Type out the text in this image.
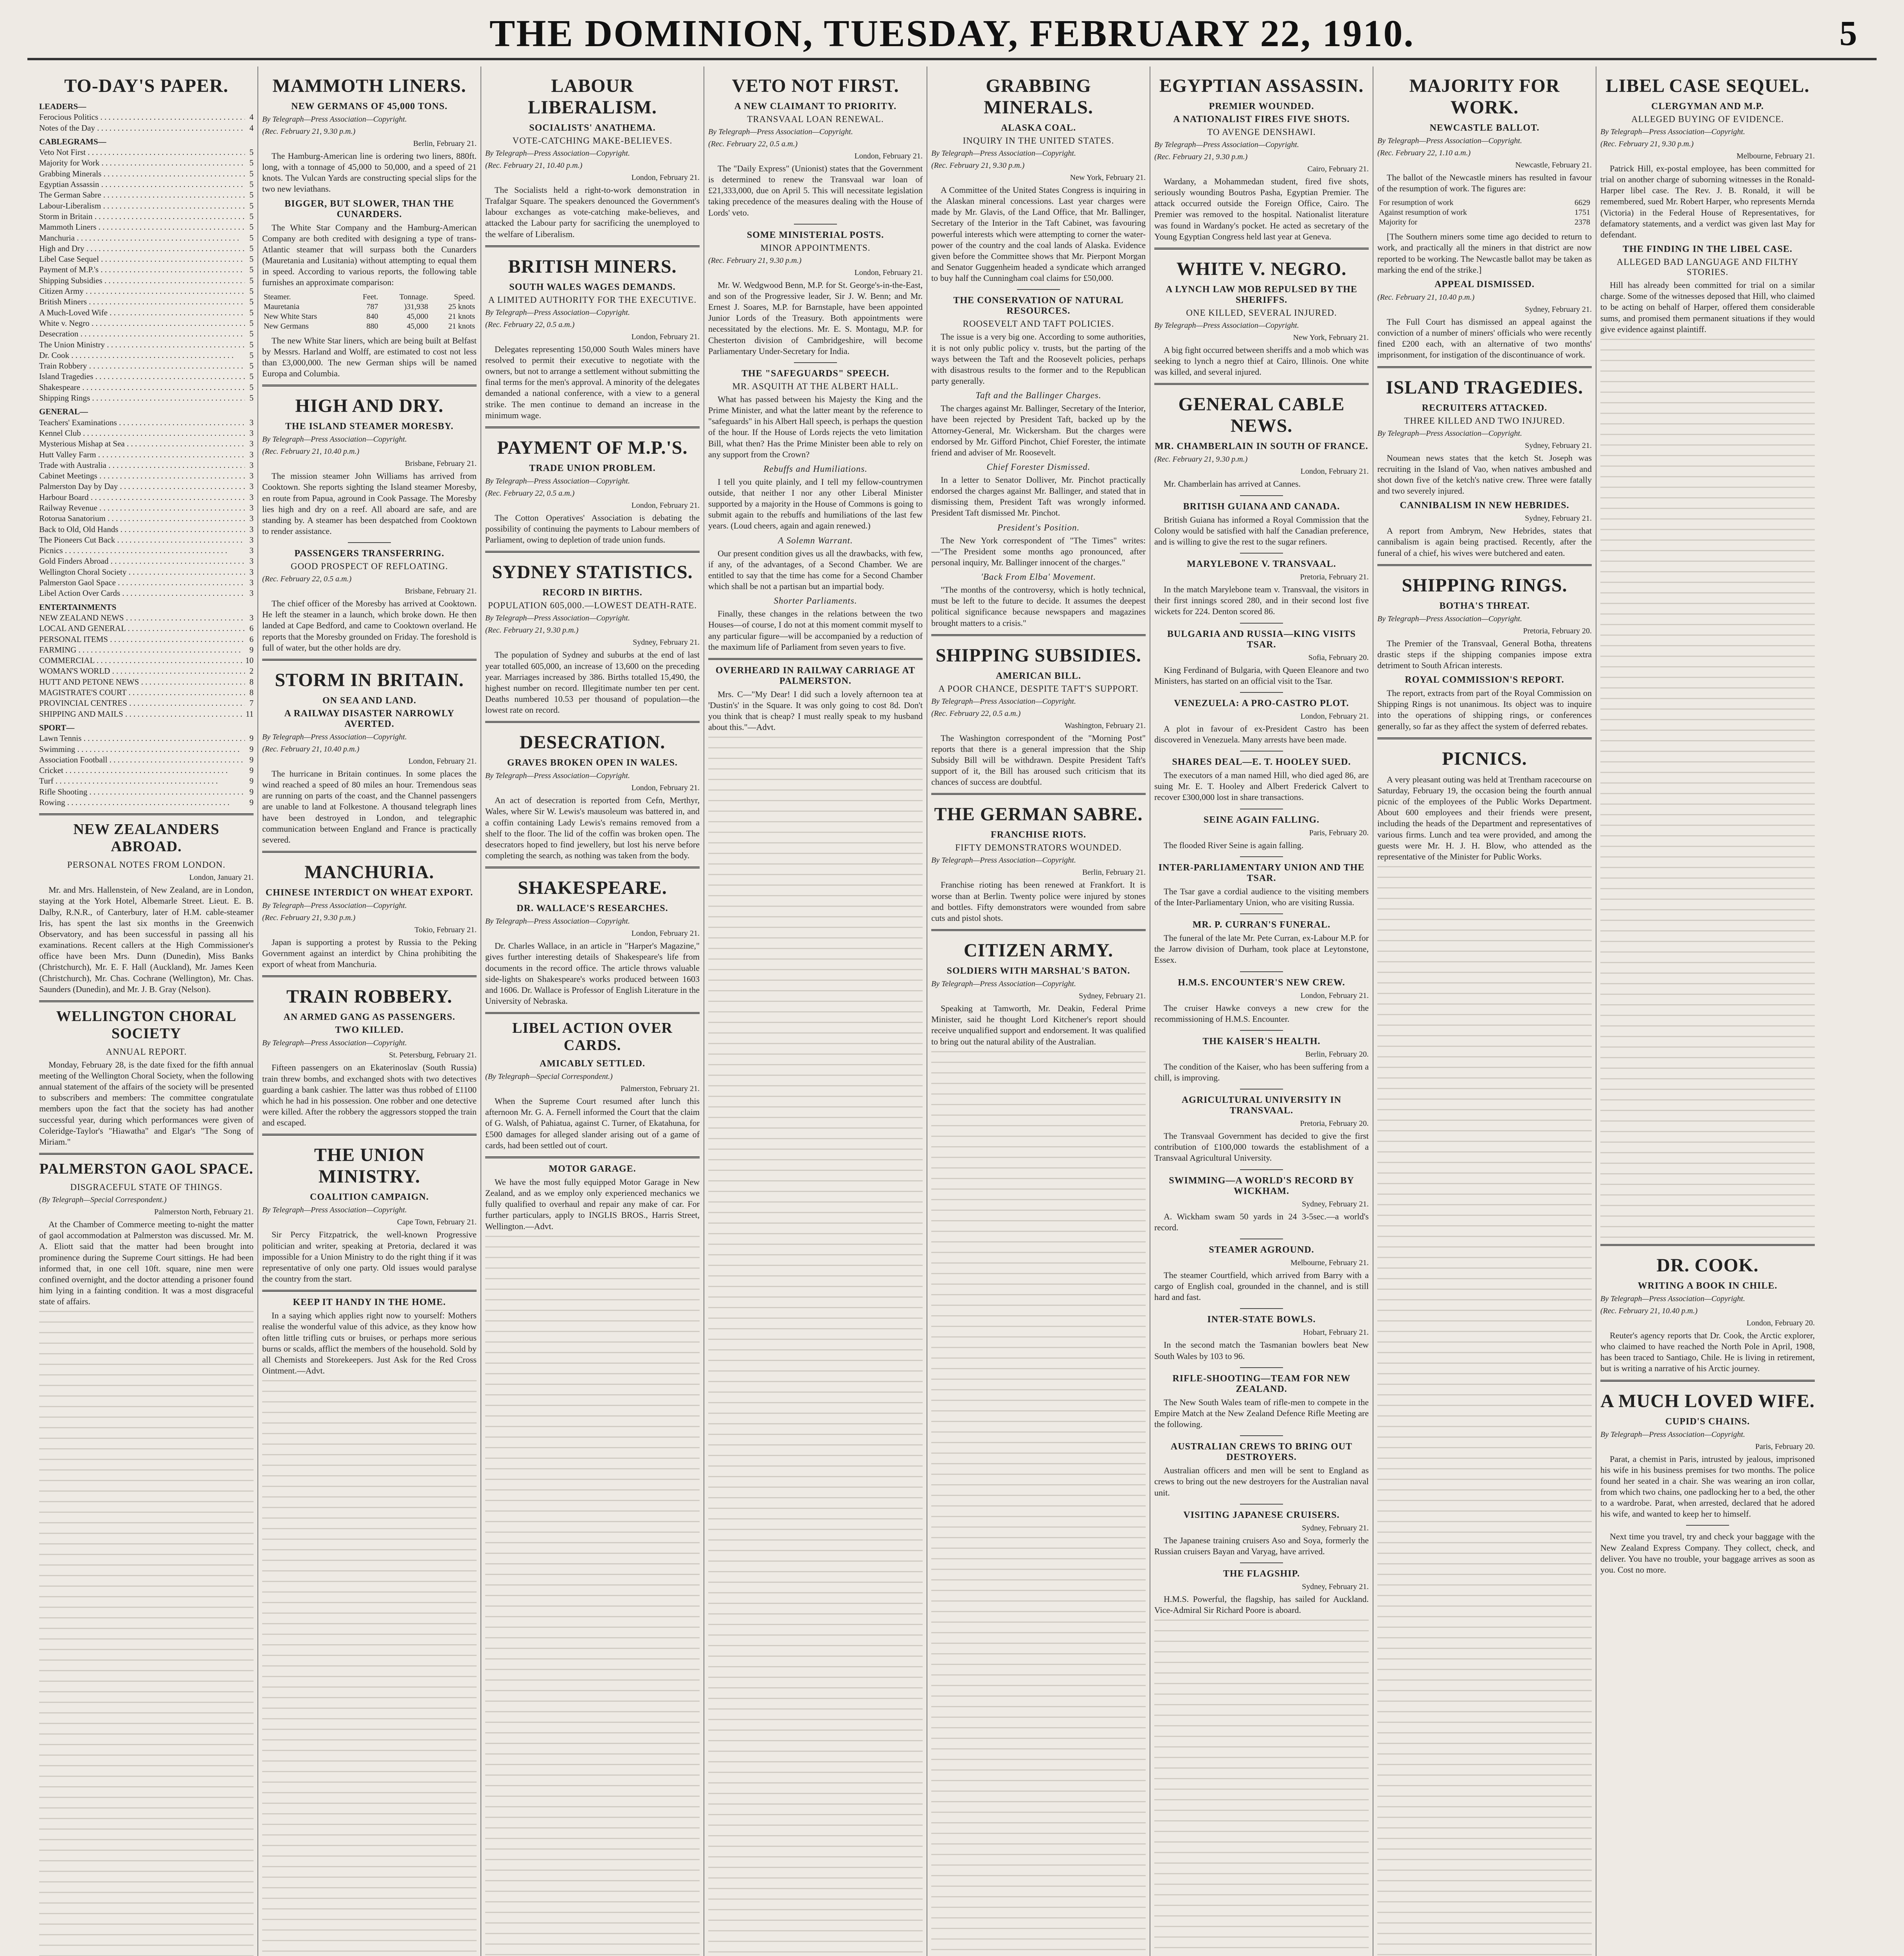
THE DOMINION, TUESDAY, FEBRUARY 22, 1910.	5
TO-DAY'S PAPER.
LEADERS—
Ferocious Politics . . .	4
Notes of the Day . . .	4
CABLEGRAMS—
Veto Not First . . .	5
Majority for Work . . .	5
Grabbing Minerals . . .	5
Egyptian Assassin . . .	5
The German Sabre . . .	5
Labour-Liberalism . . .	5
Storm in Britain . . .	5
Mammoth Liners . . .	5
Manchuria . . .	5
High and Dry . . .	5
Libel Case Sequel . . .	5
Payment of M.P.'s . . .	5
Shipping Subsidies . . .	5
Citizen Army . . .	5
British Miners . . .	5
A Much-Loved Wife . . .	5
White v. Negro . . .	5
Desecration . . .	5
The Union Ministry . . .	5
Dr. Cook . . .	5
Train Robbery . . .	5
Island Tragedies . . .	5
Shakespeare . . .	5
Shipping Rings . . .	5
GENERAL—
Teachers' Examinations . . .	3
Kennel Club . . .	3
Mysterious Mishap at Sea . . .	3
Hutt Valley Farm . . .	3
Trade with Australia . . .	3
Cabinet Meetings . . .	3
Palmerston Day by Day . . .	3
Harbour Board . . .	3
Railway Revenue . . .	3
Rotorua Sanatorium . . .	3
Back to Old, Old Hands . . .	3
The Pioneers Cut Back . . .	3
Picnics . . .	3
Gold Finders Abroad . . .	3
Wellington Choral Society . . .	3
Palmerston Gaol Space . . .	3
Libel Action Over Cards . . .	3
ENTERTAINMENTS
NEW ZEALAND NEWS . . .	3
LOCAL AND GENERAL . . .	6
PERSONAL ITEMS . . .	6
FARMING . . .	9
COMMERCIAL . . .	10
WOMAN'S WORLD . . .	2
HUTT AND PETONE NEWS . . .	8
MAGISTRATE'S COURT . . .	8
PROVINCIAL CENTRES . . .	7
SHIPPING AND MAILS . . .	11
SPORT—
Lawn Tennis . . .	9
Swimming . . .	9
Association Football . . .	9
Cricket . . .	9
Turf . . .	9
Rifle Shooting . . .	9
Rowing . . .	9
NEW ZEALANDERS ABROAD.
PERSONAL NOTES FROM LONDON.
London, January 21.

Mr. and Mrs. Hallenstein, of New Zealand, are in London, staying at the York Hotel, Albemarle Street. Lieut. E. B. Dalby, R.N.R., of Canterbury, later of H.M. cable-steamer Iris, has spent the last six months in the Greenwich Observatory, and has been successful in passing all his examinations. Recent callers at the High Commissioner's office have been Mrs. Dunn (Dunedin), Miss Banks (Christchurch), Mr. E. F. Hall (Auckland), Mr. James Keen (Christchurch), Mr. Chas. Cochrane (Wellington), Mr. Chas. Saunders (Dunedin), and Mr. J. B. Gray (Nelson).

WELLINGTON CHORAL SOCIETY
ANNUAL REPORT.

Monday, February 28, is the date fixed for the fifth annual meeting of the Wellington Choral Society, when the following annual statement of the affairs of the society will be presented to subscribers and members: The committee congratulate members upon the fact that the society has had another successful year, during which performances were given of Coleridge-Taylor's "Hiawatha" and Elgar's "The Song of Miriam."

PALMERSTON GAOL SPACE.
DISGRACEFUL STATE OF THINGS.
(By Telegraph—Special Correspondent.)
Palmerston North, February 21.

At the Chamber of Commerce meeting to-night the matter of gaol accommodation at Palmerston was discussed. Mr. M. A. Eliott said that the matter had been brought into prominence during the Supreme Court sittings. He had been informed that, in one cell 10ft. square, nine men were confined overnight, and the doctor attending a prisoner found him lying in a fainting condition. It was a most disgraceful state of affairs.

MAMMOTH LINERS.
NEW GERMANS OF 45,000 TONS.
By Telegraph—Press Association—Copyright.
(Rec. February 21, 9.30 p.m.)
Berlin, February 21.

The Hamburg-American line is ordering two liners, 880ft. long, with a tonnage of 45,000 to 50,000, and a speed of 21 knots. The Vulcan Yards are constructing special slips for the two new leviathans.

BIGGER, BUT SLOWER, THAN THE CUNARDERS.

The White Star Company and the Hamburg-American Company are both credited with designing a type of trans-Atlantic steamer that will surpass both the Cunarders (Mauretania and Lusitania) without attempting to equal them in speed. According to various reports, the following table furnishes an approximate comparison:

Steamer.	Feet.	Tonnage.	Speed.
Mauretania	787	)31,938	25 knots
New White Stars	840	45,000	21 knots
New Germans	880	45,000	21 knots

The new White Star liners, which are being built at Belfast by Messrs. Harland and Wolff, are estimated to cost not less than £3,000,000. The new German ships will be named Europa and Columbia.

HIGH AND DRY.
THE ISLAND STEAMER MORESBY.
By Telegraph—Press Association—Copyright.
(Rec. February 21, 10.40 p.m.)
Brisbane, February 21.

The mission steamer John Williams has arrived from Cooktown. She reports sighting the Island steamer Moresby, en route from Papua, aground in Cook Passage. The Moresby lies high and dry on a reef. All aboard are safe, and are standing by. A steamer has been despatched from Cooktown to render assistance.

PASSENGERS TRANSFERRING.
GOOD PROSPECT OF REFLOATING.
(Rec. February 22, 0.5 a.m.)
Brisbane, February 21.

The chief officer of the Moresby has arrived at Cooktown. He left the steamer in a launch, which broke down. He then landed at Cape Bedford, and came to Cooktown overland. He reports that the Moresby grounded on Friday. The foreshold is full of water, but the other holds are dry.

STORM IN BRITAIN.
ON SEA AND LAND.
A RAILWAY DISASTER NARROWLY AVERTED.
By Telegraph—Press Association—Copyright.
(Rec. February 21, 10.40 p.m.)
London, February 21.

The hurricane in Britain continues. In some places the wind reached a speed of 80 miles an hour. Tremendous seas are running on parts of the coast, and the Channel passengers are unable to land at Folkestone. A thousand telegraph lines have been destroyed in London, and telegraphic communication between England and France is practically severed.

MANCHURIA.
CHINESE INTERDICT ON WHEAT EXPORT.
By Telegraph—Press Association—Copyright.
(Rec. February 21, 9.30 p.m.)
Tokio, February 21.

Japan is supporting a protest by Russia to the Peking Government against an interdict by China prohibiting the export of wheat from Manchuria.

TRAIN ROBBERY.
AN ARMED GANG AS PASSENGERS.
TWO KILLED.
By Telegraph—Press Association—Copyright.
St. Petersburg, February 21.

Fifteen passengers on an Ekaterinoslav (South Russia) train threw bombs, and exchanged shots with two detectives guarding a bank cashier. The latter was thus robbed of £1100 which he had in his possession. One robber and one detective were killed. After the robbery the aggressors stopped the train and escaped.

THE UNION MINISTRY.
COALITION CAMPAIGN.
By Telegraph—Press Association—Copyright.
Cape Town, February 21.

Sir Percy Fitzpatrick, the well-known Progressive politician and writer, speaking at Pretoria, declared it was impossible for a Union Ministry to do the right thing if it was representative of only one party. Old issues would paralyse the country from the start.

KEEP IT HANDY IN THE HOME.

In a saying which applies right now to yourself: Mothers realise the wonderful value of this advice, as they know how often little trifling cuts or bruises, or perhaps more serious burns or scalds, afflict the members of the household. Sold by all Chemists and Storekeepers. Just Ask for the Red Cross Ointment.—Advt.

LABOUR LIBERALISM.
SOCIALISTS' ANATHEMA.
VOTE-CATCHING MAKE-BELIEVES.
By Telegraph—Press Association—Copyright.
(Rec. February 21, 10.40 p.m.)
London, February 21.

The Socialists held a right-to-work demonstration in Trafalgar Square. The speakers denounced the Government's labour exchanges as vote-catching make-believes, and attacked the Labour party for sacrificing the unemployed to the welfare of Liberalism.

BRITISH MINERS.
SOUTH WALES WAGES DEMANDS.
A LIMITED AUTHORITY FOR THE EXECUTIVE.
By Telegraph—Press Association—Copyright.
(Rec. February 22, 0.5 a.m.)
London, February 21.

Delegates representing 150,000 South Wales miners have resolved to permit their executive to negotiate with the owners, but not to arrange a settlement without submitting the final terms for the men's approval. A minority of the delegates demanded a national conference, with a view to a general strike. The men continue to demand an increase in the minimum wage.

PAYMENT OF M.P.'S.
TRADE UNION PROBLEM.
By Telegraph—Press Association—Copyright.
(Rec. February 22, 0.5 a.m.)
London, February 21.

The Cotton Operatives' Association is debating the possibility of continuing the payments to Labour members of Parliament, owing to depletion of trade union funds.

SYDNEY STATISTICS.
RECORD IN BIRTHS.
POPULATION 605,000.—LOWEST DEATH-RATE.
By Telegraph—Press Association—Copyright.
(Rec. February 21, 9.30 p.m.)
Sydney, February 21.

The population of Sydney and suburbs at the end of last year totalled 605,000, an increase of 13,600 on the preceding year. Marriages increased by 386. Births totalled 15,490, the highest number on record. Illegitimate number ten per cent. Deaths numbered 10.53 per thousand of population—the lowest rate on record.

DESECRATION.
GRAVES BROKEN OPEN IN WALES.
By Telegraph—Press Association—Copyright.
London, February 21.

An act of desecration is reported from Cefn, Merthyr, Wales, where Sir W. Lewis's mausoleum was battered in, and a coffin containing Lady Lewis's remains removed from a shelf to the floor. The lid of the coffin was broken open. The desecrators hoped to find jewellery, but lost his nerve before completing the search, as nothing was taken from the body.

SHAKESPEARE.
DR. WALLACE'S RESEARCHES.
By Telegraph—Press Association—Copyright.
London, February 21.

Dr. Charles Wallace, in an article in "Harper's Magazine," gives further interesting details of Shakespeare's life from documents in the record office. The article throws valuable side-lights on Shakespeare's works produced between 1603 and 1606. Dr. Wallace is Professor of English Literature in the University of Nebraska.

LIBEL ACTION OVER CARDS.
AMICABLY SETTLED.
(By Telegraph—Special Correspondent.)
Palmerston, February 21.

When the Supreme Court resumed after lunch this afternoon Mr. G. A. Fernell informed the Court that the claim of G. Walsh, of Pahiatua, against C. Turner, of Ekatahuna, for £500 damages for alleged slander arising out of a game of cards, had been settled out of court.

MOTOR GARAGE.

We have the most fully equipped Motor Garage in New Zealand, and as we employ only experienced mechanics we fully qualified to overhaul and repair any make of car. For further particulars, apply to INGLIS BROS., Harris Street, Wellington.—Advt.

VETO NOT FIRST.
A NEW CLAIMANT TO PRIORITY.
TRANSVAAL LOAN RENEWAL.
By Telegraph—Press Association—Copyright.
(Rec. February 22, 0.5 a.m.)
London, February 21.

The "Daily Express" (Unionist) states that the Government is determined to renew the Transvaal war loan of £21,333,000, due on April 5. This will necessitate legislation taking precedence of the measures dealing with the House of Lords' veto.

SOME MINISTERIAL POSTS.
MINOR APPOINTMENTS.
(Rec. February 21, 9.30 p.m.)
London, February 21.

Mr. W. Wedgwood Benn, M.P. for St. George's-in-the-East, and son of the Progressive leader, Sir J. W. Benn; and Mr. Ernest J. Soares, M.P. for Barnstaple, have been appointed Junior Lords of the Treasury. Both appointments were necessitated by the elections. Mr. E. S. Montagu, M.P. for Chesterton division of Cambridgeshire, will become Parliamentary Under-Secretary for India.

THE "SAFEGUARDS" SPEECH.
MR. ASQUITH AT THE ALBERT HALL.

What has passed between his Majesty the King and the Prime Minister, and what the latter meant by the reference to "safeguards" in his Albert Hall speech, is perhaps the question of the hour. If the House of Lords rejects the veto limitation Bill, what then? Has the Prime Minister been able to rely on any support from the Crown?

Rebuffs and Humiliations.

I tell you quite plainly, and I tell my fellow-countrymen outside, that neither I nor any other Liberal Minister supported by a majority in the House of Commons is going to submit again to the rebuffs and humiliations of the last few years. (Loud cheers, again and again renewed.)

A Solemn Warrant.

Our present condition gives us all the drawbacks, with few, if any, of the advantages, of a Second Chamber. We are entitled to say that the time has come for a Second Chamber which shall be not a partisan but an impartial body.

Shorter Parliaments.

Finally, these changes in the relations between the two Houses—of course, I do not at this moment commit myself to any particular figure—will be accompanied by a reduction of the maximum life of Parliament from seven years to five.

OVERHEARD IN RAILWAY CARRIAGE AT PALMERSTON.

Mrs. C—"My Dear! I did such a lovely afternoon tea at 'Dustin's' in the Square. It was only going to cost 8d. Don't you think that is cheap? I must really speak to my husband about this."—Advt.

GRABBING MINERALS.
ALASKA COAL.
INQUIRY IN THE UNITED STATES.
By Telegraph—Press Association—Copyright.
(Rec. February 21, 9.30 p.m.)
New York, February 21.

A Committee of the United States Congress is inquiring in the Alaskan mineral concessions. Last year charges were made by Mr. Glavis, of the Land Office, that Mr. Ballinger, Secretary of the Interior in the Taft Cabinet, was favouring powerful interests which were attempting to corner the water-power of the country and the coal lands of Alaska. Evidence given before the Committee shows that Mr. Pierpont Morgan and Senator Guggenheim headed a syndicate which arranged to buy half the Cunningham coal claims for £50,000.

THE CONSERVATION OF NATURAL RESOURCES.
ROOSEVELT AND TAFT POLICIES.

The issue is a very big one. According to some authorities, it is not only public policy v. trusts, but the parting of the ways between the Taft and the Roosevelt policies, perhaps with disastrous results to the former and to the Republican party generally.

Taft and the Ballinger Charges.

The charges against Mr. Ballinger, Secretary of the Interior, have been rejected by President Taft, backed up by the Attorney-General, Mr. Wickersham. But the charges were endorsed by Mr. Gifford Pinchot, Chief Forester, the intimate friend and adviser of Mr. Roosevelt.

Chief Forester Dismissed.

In a letter to Senator Dolliver, Mr. Pinchot practically endorsed the charges against Mr. Ballinger, and stated that in dismissing them, President Taft was wrongly informed. President Taft dismissed Mr. Pinchot.

President's Position.

The New York correspondent of "The Times" writes:—"The President some months ago pronounced, after personal inquiry, Mr. Ballinger innocent of the charges."

'Back From Elba' Movement.

"The months of the controversy, which is hotly technical, must be left to the future to decide. It assumes the deepest political significance because newspapers and magazines brought matters to a crisis."

SHIPPING SUBSIDIES.
AMERICAN BILL.
A POOR CHANCE, DESPITE TAFT'S SUPPORT.
By Telegraph—Press Association—Copyright.
(Rec. February 22, 0.5 a.m.)
Washington, February 21.

The Washington correspondent of the "Morning Post" reports that there is a general impression that the Ship Subsidy Bill will be withdrawn. Despite President Taft's support of it, the Bill has aroused such criticism that its chances of success are doubtful.

THE GERMAN SABRE.
FRANCHISE RIOTS.
FIFTY DEMONSTRATORS WOUNDED.
By Telegraph—Press Association—Copyright.
Berlin, February 21.

Franchise rioting has been renewed at Frankfort. It is worse than at Berlin. Twenty police were injured by stones and bottles. Fifty demonstrators were wounded from sabre cuts and pistol shots.

CITIZEN ARMY.
SOLDIERS WITH MARSHAL'S BATON.
By Telegraph—Press Association—Copyright.
Sydney, February 21.

Speaking at Tamworth, Mr. Deakin, Federal Prime Minister, said he thought Lord Kitchener's report should receive unqualified support and endorsement. It was qualified to bring out the natural ability of the Australian.

EGYPTIAN ASSASSIN.
PREMIER WOUNDED.
A NATIONALIST FIRES FIVE SHOTS.
TO AVENGE DENSHAWI.
By Telegraph—Press Association—Copyright.
(Rec. February 21, 9.30 p.m.)
Cairo, February 21.

Wardany, a Mohammedan student, fired five shots, seriously wounding Boutros Pasha, Egyptian Premier. The attack occurred outside the Foreign Office, Cairo. The Premier was removed to the hospital. Nationalist literature was found in Wardany's pocket. He acted as secretary of the Young Egyptian Congress held last year at Geneva.

WHITE V. NEGRO.
A LYNCH LAW MOB REPULSED BY THE SHERIFFS.
ONE KILLED, SEVERAL INJURED.
By Telegraph—Press Association—Copyright.
New York, February 21.

A big fight occurred between sheriffs and a mob which was seeking to lynch a negro thief at Cairo, Illinois. One white was killed, and several injured.

GENERAL CABLE NEWS.
MR. CHAMBERLAIN IN SOUTH OF FRANCE.
(Rec. February 21, 9.30 p.m.)
London, February 21.

Mr. Chamberlain has arrived at Cannes.

BRITISH GUIANA AND CANADA.

British Guiana has informed a Royal Commission that the Colony would be satisfied with half the Canadian preference, and is willing to give the rest to the sugar refiners.

MARYLEBONE V. TRANSVAAL.
Pretoria, February 21.

In the match Marylebone team v. Transvaal, the visitors in their first innings scored 280, and in their second lost five wickets for 224. Denton scored 86.

BULGARIA AND RUSSIA—KING VISITS TSAR.
Sofia, February 20.

King Ferdinand of Bulgaria, with Queen Eleanore and two Ministers, has started on an official visit to the Tsar.

VENEZUELA: A PRO-CASTRO PLOT.
London, February 21.

A plot in favour of ex-President Castro has been discovered in Venezuela. Many arrests have been made.

SHARES DEAL—E. T. HOOLEY SUED.

The executors of a man named Hill, who died aged 86, are suing Mr. E. T. Hooley and Albert Frederick Calvert to recover £300,000 lost in share transactions.

SEINE AGAIN FALLING.
Paris, February 20.

The flooded River Seine is again falling.

INTER-PARLIAMENTARY UNION AND THE TSAR.

The Tsar gave a cordial audience to the visiting members of the Inter-Parliamentary Union, who are visiting Russia.

MR. P. CURRAN'S FUNERAL.

The funeral of the late Mr. Pete Curran, ex-Labour M.P. for the Jarrow division of Durham, took place at Leytonstone, Essex.

H.M.S. ENCOUNTER'S NEW CREW.
London, February 21.

The cruiser Hawke conveys a new crew for the recommissioning of H.M.S. Encounter.

THE KAISER'S HEALTH.
Berlin, February 20.

The condition of the Kaiser, who has been suffering from a chill, is improving.

AGRICULTURAL UNIVERSITY IN TRANSVAAL.
Pretoria, February 20.

The Transvaal Government has decided to give the first contribution of £100,000 towards the establishment of a Transvaal Agricultural University.

SWIMMING—A WORLD'S RECORD BY WICKHAM.
Sydney, February 21.

A. Wickham swam 50 yards in 24 3-5sec.—a world's record.

STEAMER AGROUND.
Melbourne, February 21.

The steamer Courtfield, which arrived from Barry with a cargo of English coal, grounded in the channel, and is still hard and fast.

INTER-STATE BOWLS.
Hobart, February 21.

In the second match the Tasmanian bowlers beat New South Wales by 103 to 96.

RIFLE-SHOOTING—TEAM FOR NEW ZEALAND.

The New South Wales team of rifle-men to compete in the Empire Match at the New Zealand Defence Rifle Meeting are the following.

AUSTRALIAN CREWS TO BRING OUT DESTROYERS.

Australian officers and men will be sent to England as crews to bring out the new destroyers for the Australian naval unit.

VISITING JAPANESE CRUISERS.
Sydney, February 21.

The Japanese training cruisers Aso and Soya, formerly the Russian cruisers Bayan and Varyag, have arrived.

THE FLAGSHIP.
Sydney, February 21.

H.M.S. Powerful, the flagship, has sailed for Auckland. Vice-Admiral Sir Richard Poore is aboard.

MAJORITY FOR WORK.
NEWCASTLE BALLOT.
By Telegraph—Press Association—Copyright.
(Rec. February 22, 1.10 a.m.)
Newcastle, February 21.

The ballot of the Newcastle miners has resulted in favour of the resumption of work. The figures are:

For resumption of work	6629
Against resumption of work	1751
Majority for	2378

[The Southern miners some time ago decided to return to work, and practically all the miners in that district are now reported to be working. The Newcastle ballot may be taken as marking the end of the strike.]

APPEAL DISMISSED.
(Rec. February 21, 10.40 p.m.)
Sydney, February 21.

The Full Court has dismissed an appeal against the conviction of a number of miners' officials who were recently fined £200 each, with an alternative of two months' imprisonment, for instigation of the discontinuance of work.

ISLAND TRAGEDIES.
RECRUITERS ATTACKED.
THREE KILLED AND TWO INJURED.
By Telegraph—Press Association—Copyright.
Sydney, February 21.

Noumean news states that the ketch St. Joseph was recruiting in the Island of Vao, when natives ambushed and shot down five of the ketch's native crew. Three were fatally and two severely injured.

CANNIBALISM IN NEW HEBRIDES.
Sydney, February 21.

A report from Ambrym, New Hebrides, states that cannibalism is again being practised. Recently, after the funeral of a chief, his wives were butchered and eaten.

SHIPPING RINGS.
BOTHA'S THREAT.
By Telegraph—Press Association—Copyright.
Pretoria, February 20.

The Premier of the Transvaal, General Botha, threatens drastic steps if the shipping companies impose extra detriment to South African interests.

ROYAL COMMISSION'S REPORT.

The report, extracts from part of the Royal Commission on Shipping Rings is not unanimous. Its object was to inquire into the operations of shipping rings, or conferences generally, so far as they affect the system of deferred rebates.

PICNICS.

A very pleasant outing was held at Trentham racecourse on Saturday, February 19, the occasion being the fourth annual picnic of the employees of the Public Works Department. About 600 employees and their friends were present, including the heads of the Department and representatives of various firms. Lunch and tea were provided, and among the guests were Mr. H. J. H. Blow, who attended as the representative of the Minister for Public Works.

LIBEL CASE SEQUEL.
CLERGYMAN AND M.P.
ALLEGED BUYING OF EVIDENCE.
By Telegraph—Press Association—Copyright.
(Rec. February 21, 9.30 p.m.)
Melbourne, February 21.

Patrick Hill, ex-postal employee, has been committed for trial on another charge of suborning witnesses in the Ronald-Harper libel case. The Rev. J. B. Ronald, it will be remembered, sued Mr. Robert Harper, who represents Mernda (Victoria) in the Federal House of Representatives, for defamatory statements, and a verdict was given last May for defendant.

THE FINDING IN THE LIBEL CASE.
ALLEGED BAD LANGUAGE AND FILTHY STORIES.

Hill has already been committed for trial on a similar charge. Some of the witnesses deposed that Hill, who claimed to be acting on behalf of Harper, offered them considerable sums, and promised them permanent situations if they would give evidence against plaintiff.

DR. COOK.
WRITING A BOOK IN CHILE.
By Telegraph—Press Association—Copyright.
(Rec. February 21, 10.40 p.m.)
London, February 20.

Reuter's agency reports that Dr. Cook, the Arctic explorer, who claimed to have reached the North Pole in April, 1908, has been traced to Santiago, Chile. He is living in retirement, but is writing a narrative of his Arctic journey.

A MUCH LOVED WIFE.
CUPID'S CHAINS.
By Telegraph—Press Association—Copyright.
Paris, February 20.

Parat, a chemist in Paris, intrusted by jealous, imprisoned his wife in his business premises for two months. The police found her seated in a chair. She was wearing an iron collar, from which two chains, one padlocking her to a bed, the other to a wardrobe. Parat, when arrested, declared that he adored his wife, and wanted to keep her to himself.

Next time you travel, try and check your baggage with the New Zealand Express Company. They collect, check, and deliver. You have no trouble, your baggage arrives as soon as you. Cost no more.
